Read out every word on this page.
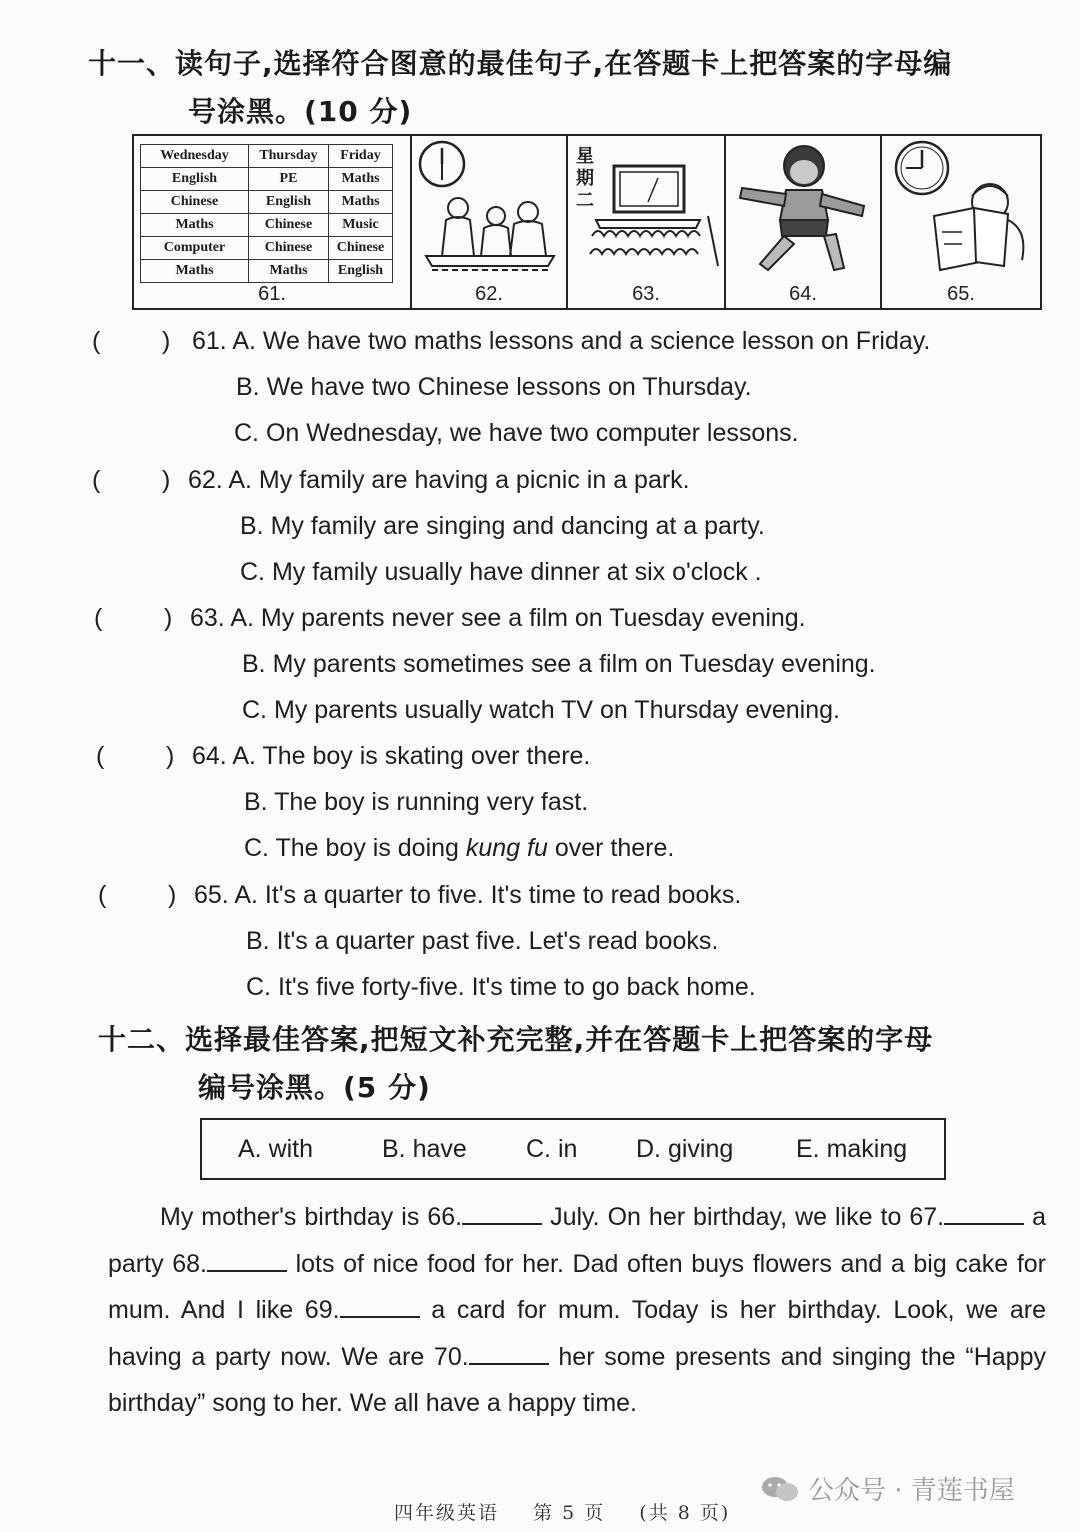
十一、读句子,选择符合图意的最佳句子,在答题卡上把答案的字母编
号涂黑。(10 分)
Wednesday	Thursday	Friday
English	PE	Maths
Chinese	English	Maths
Maths	Chinese	Music
Computer	Chinese	Chinese
Maths	Maths	English
61.	62.
星期二
63.	64.	65.
( ) 61. A. We have two maths lessons and a science lesson on Friday.
B. We have two Chinese lessons on Thursday.
C. On Wednesday, we have two computer lessons.
( ) 62. A. My family are having a picnic in a park.
B. My family are singing and dancing at a party.
C. My family usually have dinner at six o'clock .
( ) 63. A. My parents never see a film on Tuesday evening.
B. My parents sometimes see a film on Tuesday evening.
C. My parents usually watch TV on Thursday evening.
( ) 64. A. The boy is skating over there.
B. The boy is running very fast.
C. The boy is doing kung fu over there.
( ) 65. A. It's a quarter to five. It's time to read books.
B. It's a quarter past five. Let's read books.
C. It's five forty-five. It's time to go back home.
十二、选择最佳答案,把短文补充完整,并在答题卡上把答案的字母
编号涂黑。(5 分)
A. with	B. have C. in D. giving	E. making

My mother's birthday is 66.	July. On her birthday, we like to 67.	a party 68.	lots of nice food for her. Dad often buys flowers and a big cake for mum. And I like 69.	a card for mum. Today is her birthday. Look, we are having a party now. We are 70.	her some presents and singing the “Happy birthday” song to her. We all have a happy time.

四年级英语 第 5 页 (共 8 页)
公众号 · 青莲书屋
